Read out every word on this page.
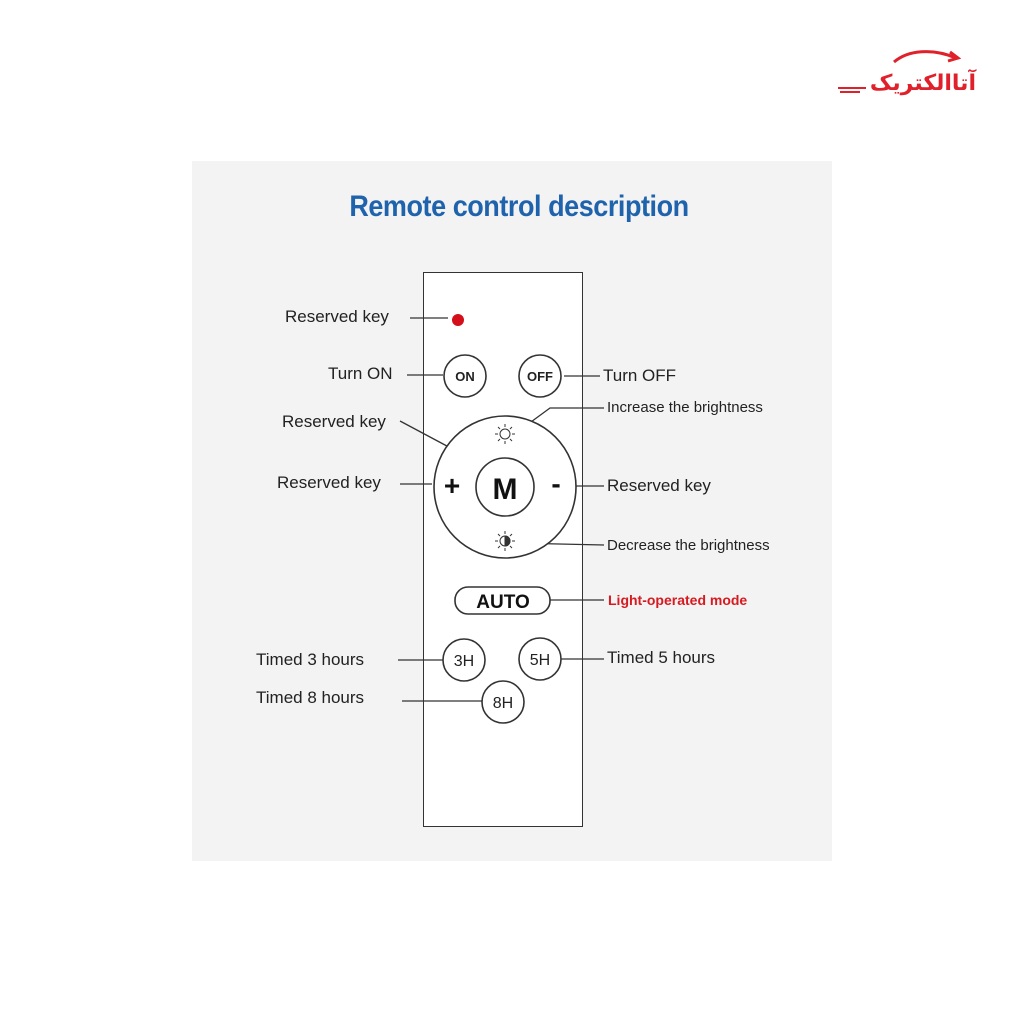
آتاالکتریک
Remote control description
ON	OFF
M
+	-
AUTO
3H	5H
8H
Reserved key
Turn ON	Turn OFF
Increase the brightness
Reserved key
Reserved key	Reserved key
Decrease the brightness
Light-operated mode
Timed 3 hours	Timed 5 hours
Timed 8 hours
